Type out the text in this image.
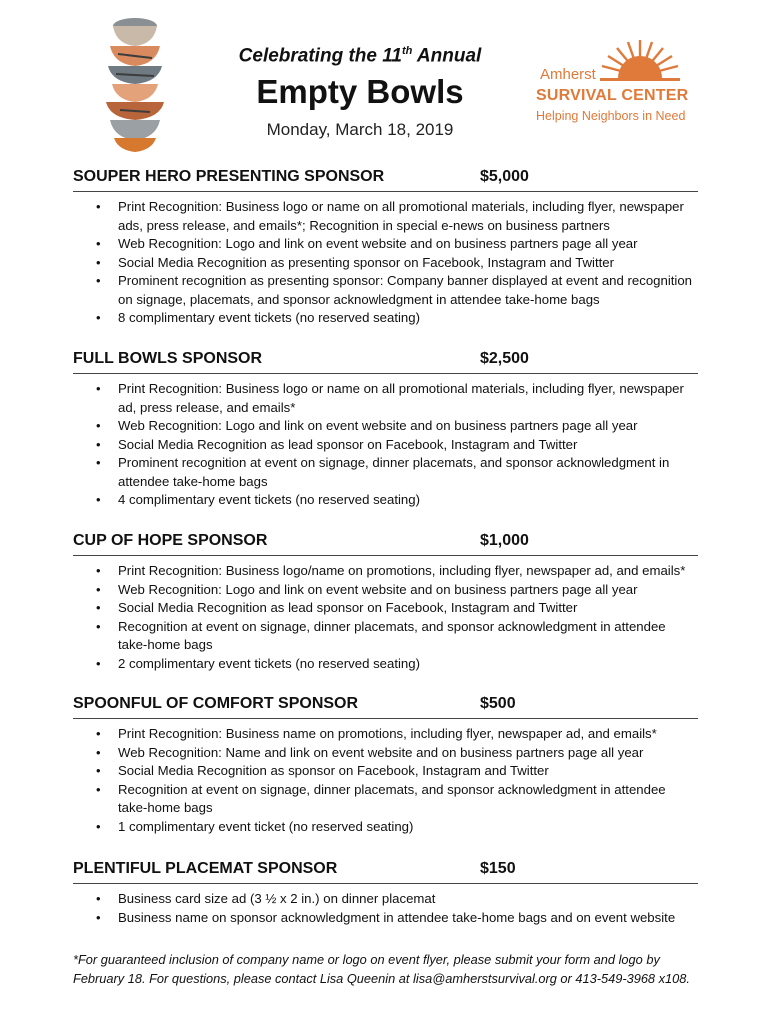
Celebrating the 11th Annual

Empty Bowls

Monday, March 18, 2019

Amherst
SURVIVAL CENTER
Helping Neighbors in Need
SOUPER HERO PRESENTING SPONSOR	$5,000
• Print Recognition: Business logo or name on all promotional materials, including flyer, newspaper ads, press release, and emails*; Recognition in special e-news on business partners
• Web Recognition: Logo and link on event website and on business partners page all year
• Social Media Recognition as presenting sponsor on Facebook, Instagram and Twitter
• Prominent recognition as presenting sponsor: Company banner displayed at event and recognition on signage, placemats, and sponsor acknowledgment in attendee take-home bags
• 8 complimentary event tickets (no reserved seating)
FULL BOWLS SPONSOR	$2,500
• Print Recognition: Business logo or name on all promotional materials, including flyer, newspaper ad, press release, and emails*
• Web Recognition: Logo and link on event website and on business partners page all year
• Social Media Recognition as lead sponsor on Facebook, Instagram and Twitter
• Prominent recognition at event on signage, dinner placemats, and sponsor acknowledgment in attendee take-home bags
• 4 complimentary event tickets (no reserved seating)
CUP OF HOPE SPONSOR	$1,000
• Print Recognition: Business logo/name on promotions, including flyer, newspaper ad, and emails*
• Web Recognition: Logo and link on event website and on business partners page all year
• Social Media Recognition as lead sponsor on Facebook, Instagram and Twitter
• Recognition at event on signage, dinner placemats, and sponsor acknowledgment in attendee take-home bags
• 2 complimentary event tickets (no reserved seating)
SPOONFUL OF COMFORT SPONSOR	$500
• Print Recognition: Business name on promotions, including flyer, newspaper ad, and emails*
• Web Recognition: Name and link on event website and on business partners page all year
• Social Media Recognition as sponsor on Facebook, Instagram and Twitter
• Recognition at event on signage, dinner placemats, and sponsor acknowledgment in attendee take-home bags
• 1 complimentary event ticket (no reserved seating)
PLENTIFUL PLACEMAT SPONSOR	$150
• Business card size ad (3 ½ x 2 in.) on dinner placemat
• Business name on sponsor acknowledgment in attendee take-home bags and on event website
*For guaranteed inclusion of company name or logo on event flyer, please submit your form and logo by February 18. For questions, please contact Lisa Queenin at lisa@amherstsurvival.org or 413-549-3968 x108.
